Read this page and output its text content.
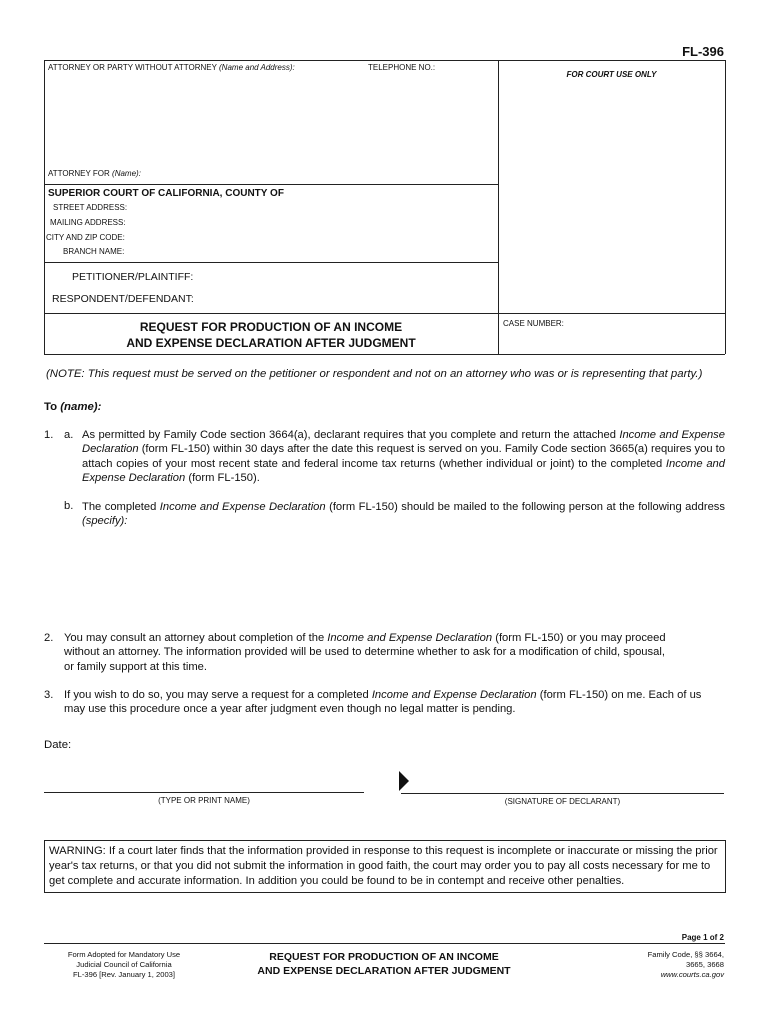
FL-396
ATTORNEY OR PARTY WITHOUT ATTORNEY (Name and Address):	TELEPHONE NO.:
FOR COURT USE ONLY
ATTORNEY FOR (Name):
SUPERIOR COURT OF CALIFORNIA, COUNTY OF
STREET ADDRESS:
MAILING ADDRESS:
CITY AND ZIP CODE:
BRANCH NAME:
PETITIONER/PLAINTIFF:
RESPONDENT/DEFENDANT:
REQUEST FOR PRODUCTION OF AN INCOME
AND EXPENSE DECLARATION AFTER JUDGMENT
CASE NUMBER:
(NOTE: This request must be served on the petitioner or respondent and not on an attorney who was or is representing that party.)
To (name):
1. a. As permitted by Family Code section 3664(a), declarant requires that you complete and return the attached Income and Expense Declaration (form FL-150) within 30 days after the date this request is served on you. Family Code section 3665(a) requires you to attach copies of your most recent state and federal income tax returns (whether individual or joint) to the completed Income and Expense Declaration (form FL-150).
b. The completed Income and Expense Declaration (form FL-150) should be mailed to the following person at the following address (specify):
2. You may consult an attorney about completion of the Income and Expense Declaration (form FL-150) or you may proceed without an attorney. The information provided will be used to determine whether to ask for a modification of child, spousal, or family support at this time.
3. If you wish to do so, you may serve a request for a completed Income and Expense Declaration (form FL-150) on me. Each of us may use this procedure once a year after judgment even though no legal matter is pending.
Date:
(TYPE OR PRINT NAME)	(SIGNATURE OF DECLARANT)
WARNING: If a court later finds that the information provided in response to this request is incomplete or inaccurate or missing the prior year's tax returns, or that you did not submit the information in good faith, the court may order you to pay all costs necessary for me to get complete and accurate information. In addition you could be found to be in contempt and receive other penalties.
Page 1 of 2
Form Adopted for Mandatory Use
Judicial Council of California
FL-396 [Rev. January 1, 2003]
REQUEST FOR PRODUCTION OF AN INCOME
AND EXPENSE DECLARATION AFTER JUDGMENT
Family Code, §§ 3664,
3665, 3668
www.courts.ca.gov
